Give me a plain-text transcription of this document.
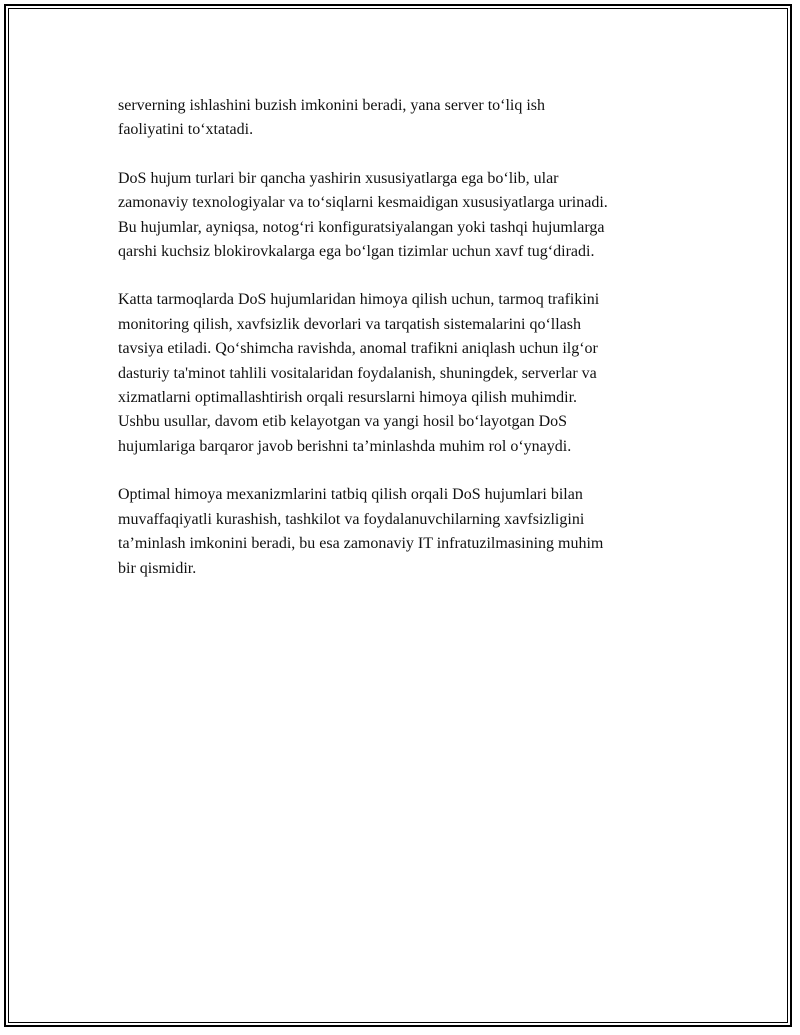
serverning ishlashini buzish imkonini beradi, yana server to‘liq ish
faoliyatini to‘xtatadi.

DoS hujum turlari bir qancha yashirin xususiyatlarga ega bo‘lib, ular
zamonaviy texnologiyalar va to‘siqlarni kesmaidigan xususiyatlarga urinadi.
Bu hujumlar, ayniqsa, notog‘ri konfiguratsiyalangan yoki tashqi hujumlarga
qarshi kuchsiz blokirovkalarga ega bo‘lgan tizimlar uchun xavf tug‘diradi.

Katta tarmoqlarda DoS hujumlaridan himoya qilish uchun, tarmoq trafikini
monitoring qilish, xavfsizlik devorlari va tarqatish sistemalarini qo‘llash
tavsiya etiladi. Qo‘shimcha ravishda, anomal trafikni aniqlash uchun ilg‘or
dasturiy ta'minot tahlili vositalaridan foydalanish, shuningdek, serverlar va
xizmatlarni optimallashtirish orqali resurslarni himoya qilish muhimdir.
Ushbu usullar, davom etib kelayotgan va yangi hosil bo‘layotgan DoS
hujumlariga barqaror javob berishni ta’minlashda muhim rol o‘ynaydi.

Optimal himoya mexanizmlarini tatbiq qilish orqali DoS hujumlari bilan
muvaffaqiyatli kurashish, tashkilot va foydalanuvchilarning xavfsizligini
ta’minlash imkonini beradi, bu esa zamonaviy IT infratuzilmasining muhim
bir qismidir.
